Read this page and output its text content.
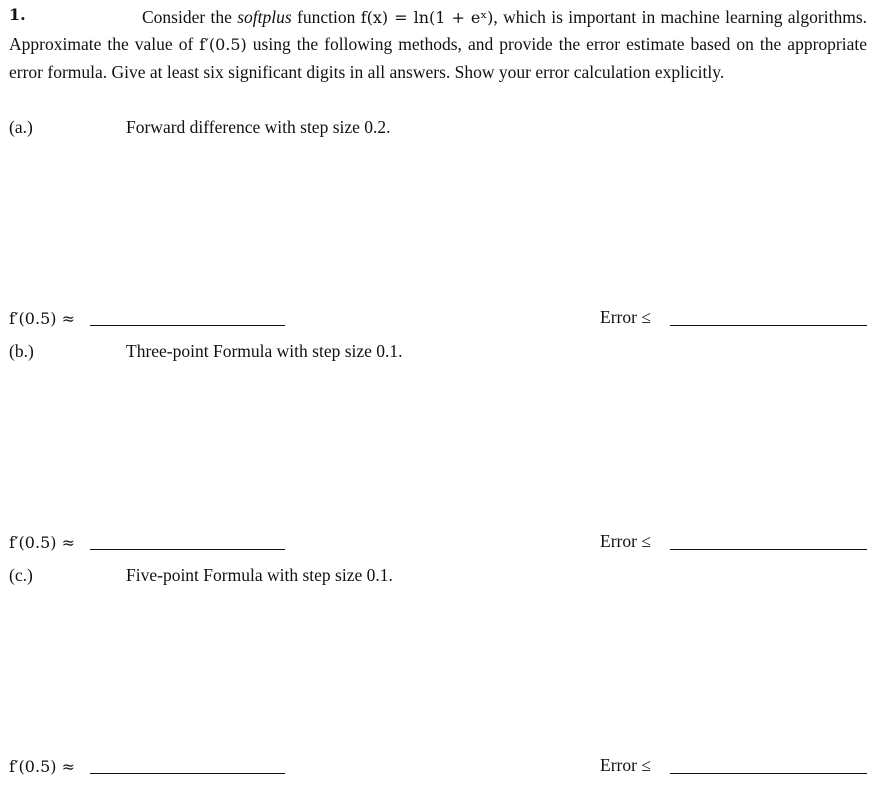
1.	Consider the softplus function f(x) = ln(1 + eˣ), which is important in machine learning algorithms. Approximate the value of f′(0.5) using the following methods, and provide the error estimate based on the appropriate error formula. Give at least six significant digits in all answers. Show your error calculation explicitly.

(a.)	Forward difference with step size 0.2.
f′(0.5) ≈	Error ≤
(b.)	Three-point Formula with step size 0.1.
f′(0.5) ≈	Error ≤
(c.)	Five-point Formula with step size 0.1.
f′(0.5) ≈	Error ≤
